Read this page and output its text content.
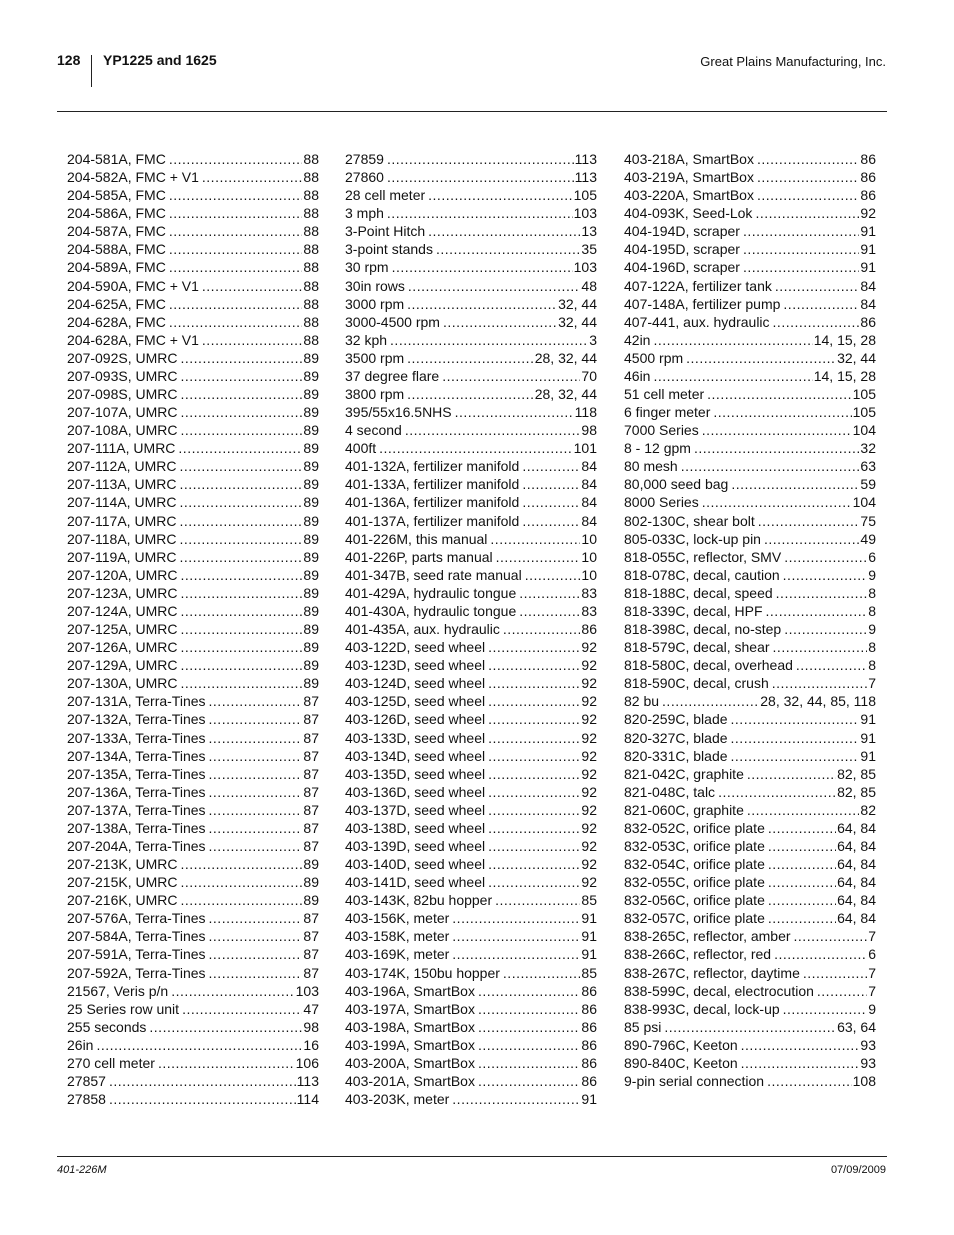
128 YP1225 and 1625	Great Plains Manufacturing, Inc.
204-581A, FMC .....	88
204-582A, FMC + V1 .....	88
204-585A, FMC .....	88
204-586A, FMC .....	88
204-587A, FMC .....	88
204-588A, FMC .....	88
204-589A, FMC .....	88
204-590A, FMC + V1 .....	88
204-625A, FMC .....	88
204-628A, FMC .....	88
204-628A, FMC + V1 .....	88
207-092S, UMRC .....	89
207-093S, UMRC .....	89
207-098S, UMRC .....	89
207-107A, UMRC .....	89
207-108A, UMRC .....	89
207-111A, UMRC .....	89
207-112A, UMRC .....	89
207-113A, UMRC .....	89
207-114A, UMRC .....	89
207-117A, UMRC .....	89
207-118A, UMRC .....	89
207-119A, UMRC .....	89
207-120A, UMRC .....	89
207-123A, UMRC .....	89
207-124A, UMRC .....	89
207-125A, UMRC .....	89
207-126A, UMRC .....	89
207-129A, UMRC .....	89
207-130A, UMRC .....	89
207-131A, Terra-Tines .....	87
207-132A, Terra-Tines .....	87
207-133A, Terra-Tines .....	87
207-134A, Terra-Tines .....	87
207-135A, Terra-Tines .....	87
207-136A, Terra-Tines .....	87
207-137A, Terra-Tines .....	87
207-138A, Terra-Tines .....	87
207-204A, Terra-Tines .....	87
207-213K, UMRC .....	89
207-215K, UMRC .....	89
207-216K, UMRC .....	89
207-576A, Terra-Tines .....	87
207-584A, Terra-Tines .....	87
207-591A, Terra-Tines .....	87
207-592A, Terra-Tines .....	87
21567, Veris p/n .....	103
25 Series row unit .....	47
255 seconds .....	98
26in .....	16
270 cell meter .....	106
27857 .....	113
27858 .....	114
27859 .....	113
27860 .....	113
28 cell meter .....	105
3 mph .....	103
3-Point Hitch .....	13
3-point stands .....	35
30 rpm .....	103
30in rows .....	48
3000 rpm .....	32, 44
3000-4500 rpm .....	32, 44
32 kph .....	3
3500 rpm .....	28, 32, 44
37 degree flare .....	70
3800 rpm .....	28, 32, 44
395/55x16.5NHS .....	118
4 second .....	98
400ft .....	101
401-132A, fertilizer manifold .....	84
401-133A, fertilizer manifold .....	84
401-136A, fertilizer manifold .....	84
401-137A, fertilizer manifold .....	84
401-226M, this manual .....	10
401-226P, parts manual .....	10
401-347B, seed rate manual .....	10
401-429A, hydraulic tongue .....	83
401-430A, hydraulic tongue .....	83
401-435A, aux. hydraulic .....	86
403-122D, seed wheel .....	92
403-123D, seed wheel .....	92
403-124D, seed wheel .....	92
403-125D, seed wheel .....	92
403-126D, seed wheel .....	92
403-133D, seed wheel .....	92
403-134D, seed wheel .....	92
403-135D, seed wheel .....	92
403-136D, seed wheel .....	92
403-137D, seed wheel .....	92
403-138D, seed wheel .....	92
403-139D, seed wheel .....	92
403-140D, seed wheel .....	92
403-141D, seed wheel .....	92
403-143K, 82bu hopper .....	85
403-156K, meter .....	91
403-158K, meter .....	91
403-169K, meter .....	91
403-174K, 150bu hopper .....	85
403-196A, SmartBox .....	86
403-197A, SmartBox .....	86
403-198A, SmartBox .....	86
403-199A, SmartBox .....	86
403-200A, SmartBox .....	86
403-201A, SmartBox .....	86
403-203K, meter .....	91
403-218A, SmartBox .....	86
403-219A, SmartBox .....	86
403-220A, SmartBox .....	86
404-093K, Seed-Lok .....	92
404-194D, scraper .....	91
404-195D, scraper .....	91
404-196D, scraper .....	91
407-122A, fertilizer tank .....	84
407-148A, fertilizer pump .....	84
407-441, aux. hydraulic .....	86
42in .....	14, 15, 28
4500 rpm .....	32, 44
46in .....	14, 15, 28
51 cell meter .....	105
6 finger meter .....	105
7000 Series .....	104
8 - 12 gpm .....	32
80 mesh .....	63
80,000 seed bag .....	59
8000 Series .....	104
802-130C, shear bolt .....	75
805-033C, lock-up pin .....	49
818-055C, reflector, SMV .....	6
818-078C, decal, caution .....	9
818-188C, decal, speed .....	8
818-339C, decal, HPF .....	8
818-398C, decal, no-step .....	9
818-579C, decal, shear .....	8
818-580C, decal, overhead .....	8
818-590C, decal, crush .....	7
82 bu .....	28, 32, 44, 85, 118
820-259C, blade .....	91
820-327C, blade .....	91
820-331C, blade .....	91
821-042C, graphite .....	82, 85
821-048C, talc .....	82, 85
821-060C, graphite .....	82
832-052C, orifice plate .....	64, 84
832-053C, orifice plate .....	64, 84
832-054C, orifice plate .....	64, 84
832-055C, orifice plate .....	64, 84
832-056C, orifice plate .....	64, 84
832-057C, orifice plate .....	64, 84
838-265C, reflector, amber .....	7
838-266C, reflector, red .....	6
838-267C, reflector, daytime .....	7
838-599C, decal, electrocution .....	7
838-993C, decal, lock-up .....	9
85 psi .....	63, 64
890-796C, Keeton .....	93
890-840C, Keeton .....	93
9-pin serial connection .....	108
401-226M	07/09/2009
